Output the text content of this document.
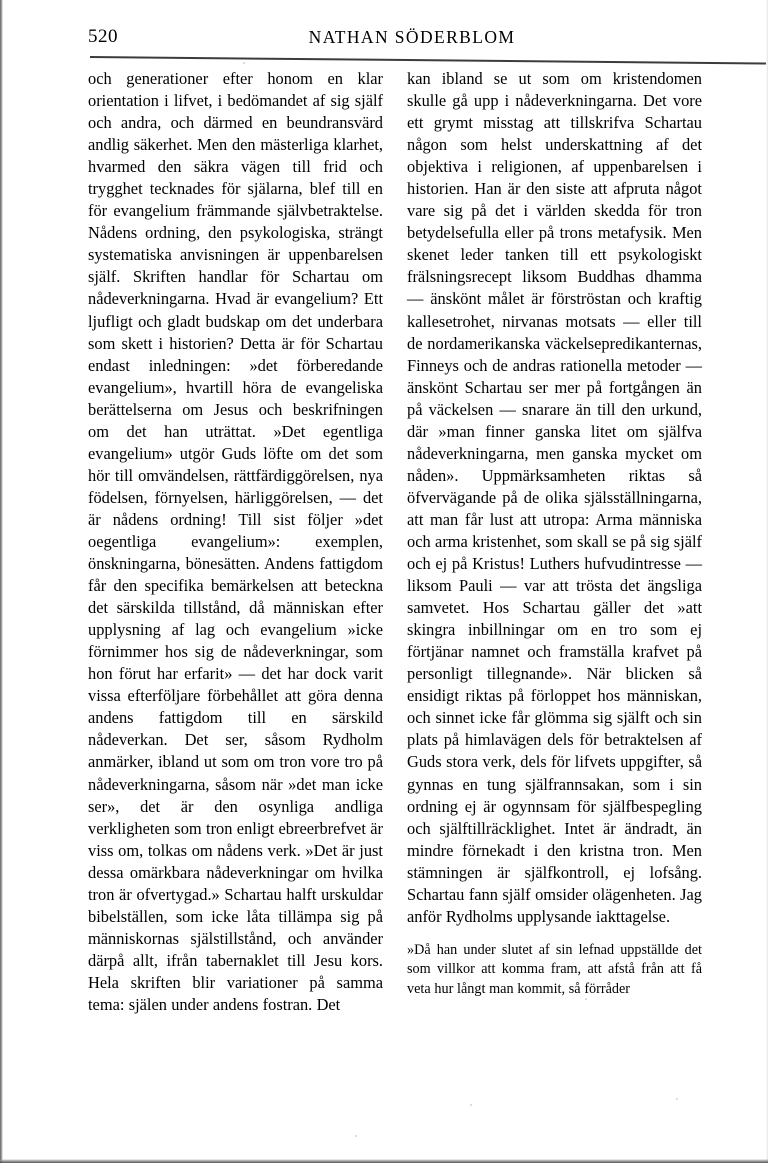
520	NATHAN SÖDERBLOM

och generationer efter honom en klar orientation i lifvet, i bedömandet af sig själf och andra, och därmed en beundransvärd andlig säkerhet. Men den mästerliga klarhet, hvarmed den säkra vägen till frid och trygghet tecknades för själarna, blef till en för evangelium främmande självbetraktelse. Nådens ordning, den psykologiska, strängt systematiska anvisningen är uppenbarelsen själf. Skriften handlar för Schartau om nådeverkningarna. Hvad är evangelium? Ett ljufligt och gladt budskap om det underbara som skett i historien? Detta är för Schartau endast inledningen: »det förberedande evangelium», hvartill höra de evangeliska berättelserna om Jesus och beskrifningen om det han uträttat. »Det egentliga evangelium» utgör Guds löfte om det som hör till omvändelsen, rättfärdiggörelsen, nya födelsen, förnyelsen, härliggörelsen, — det är nådens ordning! Till sist följer »det oegentliga evangelium»: exemplen, önskningarna, bönesätten. Andens fattigdom får den specifika bemärkelsen att beteckna det särskilda tillstånd, då människan efter upplysning af lag och evangelium »icke förnimmer hos sig de nådeverkningar, som hon förut har erfarit» — det har dock varit vissa efterföljare förbehållet att göra denna andens fattigdom till en särskild nådeverkan. Det ser, såsom Rydholm anmärker, ibland ut som om tron vore tro på nådeverkningarna, såsom när »det man icke ser», det är den osynliga andliga verkligheten som tron enligt ebreerbrefvet är viss om, tolkas om nådens verk. »Det är just dessa omärkbara nådeverkningar om hvilka tron är ofvertygad.» Schartau halft urskuldar bibelställen, som icke låta tillämpa sig på människornas själstillstånd, och använder därpå allt, ifrån tabernaklet till Jesu kors. Hela skriften blir variationer på samma tema: själen under andens fostran. Det

kan ibland se ut som om kristendomen skulle gå upp i nådeverkningarna. Det vore ett grymt misstag att tillskrifva Schartau någon som helst underskattning af det objektiva i religionen, af uppenbarelsen i historien. Han är den siste att afpruta något vare sig på det i världen skedda för tron betydelsefulla eller på trons metafysik. Men skenet leder tanken till ett psykologiskt frälsningsrecept liksom Buddhas dhamma — änskönt målet är förströstan och kraftig kallesetrohet, nirvanas motsats — eller till de nordamerikanska väckelsepredikanternas, Finneys och de andras rationella metoder — änskönt Schartau ser mer på fortgången än på väckelsen — snarare än till den urkund, där »man finner ganska litet om själfva nådeverkningarna, men ganska mycket om nåden». Uppmärksamheten riktas så öfvervägande på de olika själsställningarna, att man får lust att utropa: Arma människa och arma kristenhet, som skall se på sig själf och ej på Kristus! Luthers hufvudintresse — liksom Pauli — var att trösta det ängsliga samvetet. Hos Schartau gäller det »att skingra inbillningar om en tro som ej förtjänar namnet och framställa krafvet på personligt tillegnande». När blicken så ensidigt riktas på förloppet hos människan, och sinnet icke får glömma sig själft och sin plats på himlavägen dels för betraktelsen af Guds stora verk, dels för lifvets uppgifter, så gynnas en tung själfrannsakan, som i sin ordning ej är ogynnsam för själfbespegling och själftillräcklighet. Intet är ändradt, än mindre förnekadt i den kristna tron. Men stämningen är själfkontroll, ej lofsång. Schartau fann själf omsider olägenheten. Jag anför Rydholms upplysande iakttagelse.

»Då han under slutet af sin lefnad uppställde det som villkor att komma fram, att afstå från att få veta hur långt man kommit, så förråder
